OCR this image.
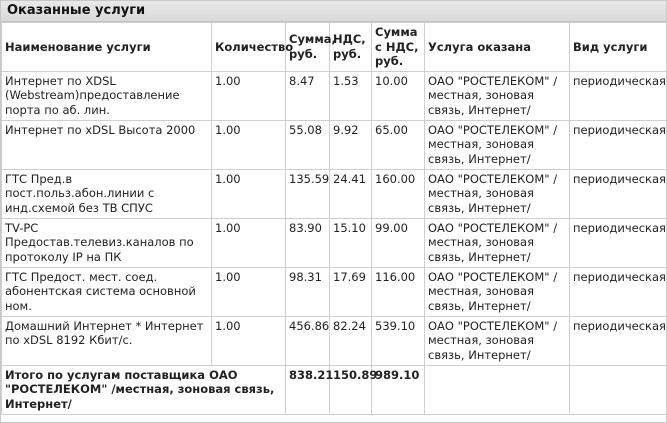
Оказанные услуги
Наименование услуги	Количество	Сумма, руб.	НДС, руб.	Сумма с НДС, руб.	Услуга оказана	Вид услуги
Интернет по XDSL (Webstream)предоставление порта по аб. лин.	1.00	8.47	1.53	10.00	ОАО "РОСТЕЛЕКОМ" /местная, зоновая связь, Интернет/	периодическая
Интернет по xDSL Высота 2000	1.00	55.08	9.92	65.00	ОАО "РОСТЕЛЕКОМ" /местная, зоновая связь, Интернет/	периодическая
ГТС Пред.в пост.польз.абон.линии с инд.схемой без ТВ СПУС	1.00	135.59	24.41	160.00	ОАО "РОСТЕЛЕКОМ" /местная, зоновая связь, Интернет/	периодическая
TV-PC Предостав.телевиз.каналов по протоколу IP на ПК	1.00	83.90	15.10	99.00	ОАО "РОСТЕЛЕКОМ" /местная, зоновая связь, Интернет/	периодическая
ГТС Предост. мест. соед. абонентская система основной ном.	1.00	98.31	17.69	116.00	ОАО "РОСТЕЛЕКОМ" /местная, зоновая связь, Интернет/	периодическая
Домашний Интернет * Интернет по xDSL 8192 Кбит/с.	1.00	456.86	82.24	539.10	ОАО "РОСТЕЛЕКОМ" /местная, зоновая связь, Интернет/	периодическая
Итого по услугам поставщика ОАО "РОСТЕЛЕКОМ" /местная, зоновая связь, Интернет/		838.21	150.89	989.10		
